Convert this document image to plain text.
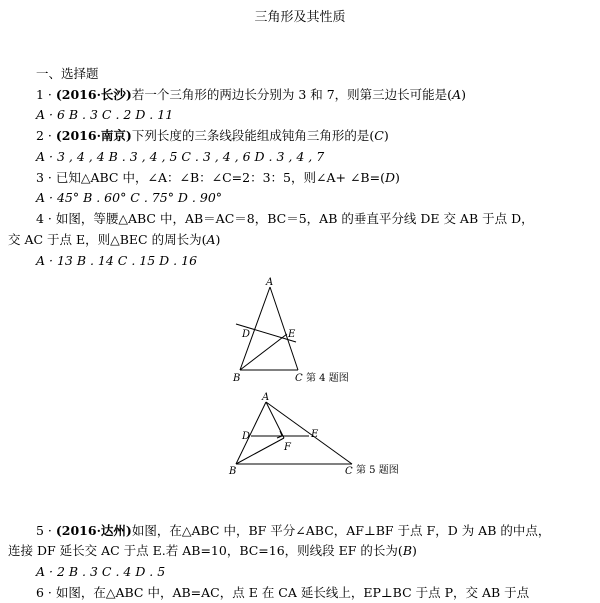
三角形及其性质
一、选择题
1 · (2016·长沙)若一个三角形的两边长分别为 3 和 7，则第三边长可能是(A)
A · 6 B . 3 C . 2 D . 11
2 · (2016·南京)下列长度的三条线段能组成钝角三角形的是(C)
A · 3 , 4 , 4 B . 3 , 4 , 5 C . 3 , 4 , 6 D . 3 , 4 , 7
3 · 已知△ABC 中，∠A：∠B：∠C=2：3：5，则∠A+ ∠B=(D)
A · 45° B . 60° C . 75° D . 90°
4 · 如图，等腰△ABC 中，AB＝AC＝8，BC＝5，AB 的垂直平分线 DE 交 AB 于点 D，
交 AC 于点 E，则△BEC 的周长为(A)
A · 13 B . 14 C . 15 D . 16
A
B	C
D	E
第 4 题图
A
B	C
D	E
F
第 5 题图
5 · (2016·达州)如图，在△ABC 中，BF 平分∠ABC，AF⊥BF 于点 F，D 为 AB 的中点，
连接 DF 延长交 AC 于点 E.若 AB=10，BC=16，则线段 EF 的长为(B)
A · 2 B . 3 C . 4 D . 5
6 · 如图，在△ABC 中，AB=AC，点 E 在 CA 延长线上，EP⊥BC 于点 P，交 AB 于点
